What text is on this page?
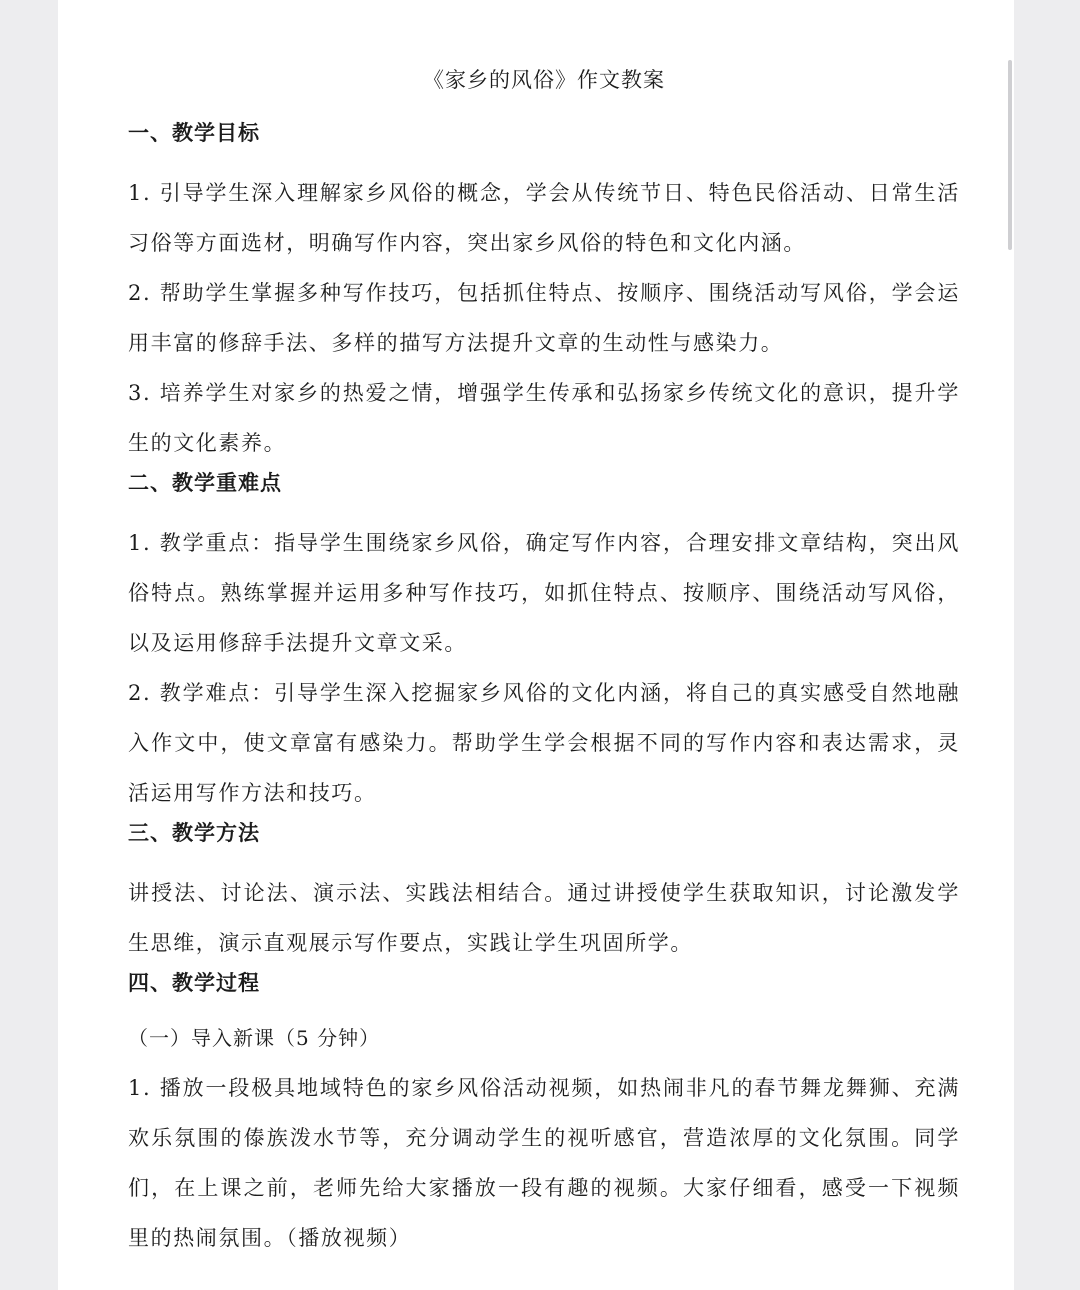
《家乡的风俗》作文教案
一、教学目标

1. 引导学生深入理解家乡风俗的概念，学会从传统节日、特色民俗活动、日常生活习俗等方面选材，明确写作内容，突出家乡风俗的特色和文化内涵。

2. 帮助学生掌握多种写作技巧，包括抓住特点、按顺序、围绕活动写风俗，学会运用丰富的修辞手法、多样的描写方法提升文章的生动性与感染力。

3. 培养学生对家乡的热爱之情，增强学生传承和弘扬家乡传统文化的意识，提升学生的文化素养。

二、教学重难点

1. 教学重点：指导学生围绕家乡风俗，确定写作内容，合理安排文章结构，突出风俗特点。熟练掌握并运用多种写作技巧，如抓住特点、按顺序、围绕活动写风俗，以及运用修辞手法提升文章文采。

2. 教学难点：引导学生深入挖掘家乡风俗的文化内涵，将自己的真实感受自然地融入作文中，使文章富有感染力。帮助学生学会根据不同的写作内容和表达需求，灵活运用写作方法和技巧。

三、教学方法

讲授法、讨论法、演示法、实践法相结合。通过讲授使学生获取知识，讨论激发学生思维，演示直观展示写作要点，实践让学生巩固所学。

四、教学过程
（一）导入新课（5 分钟）

1. 播放一段极具地域特色的家乡风俗活动视频，如热闹非凡的春节舞龙舞狮、充满欢乐氛围的傣族泼水节等，充分调动学生的视听感官，营造浓厚的文化氛围。同学们，在上课之前，老师先给大家播放一段有趣的视频。大家仔细看，感受一下视频里的热闹氛围。（播放视频）
